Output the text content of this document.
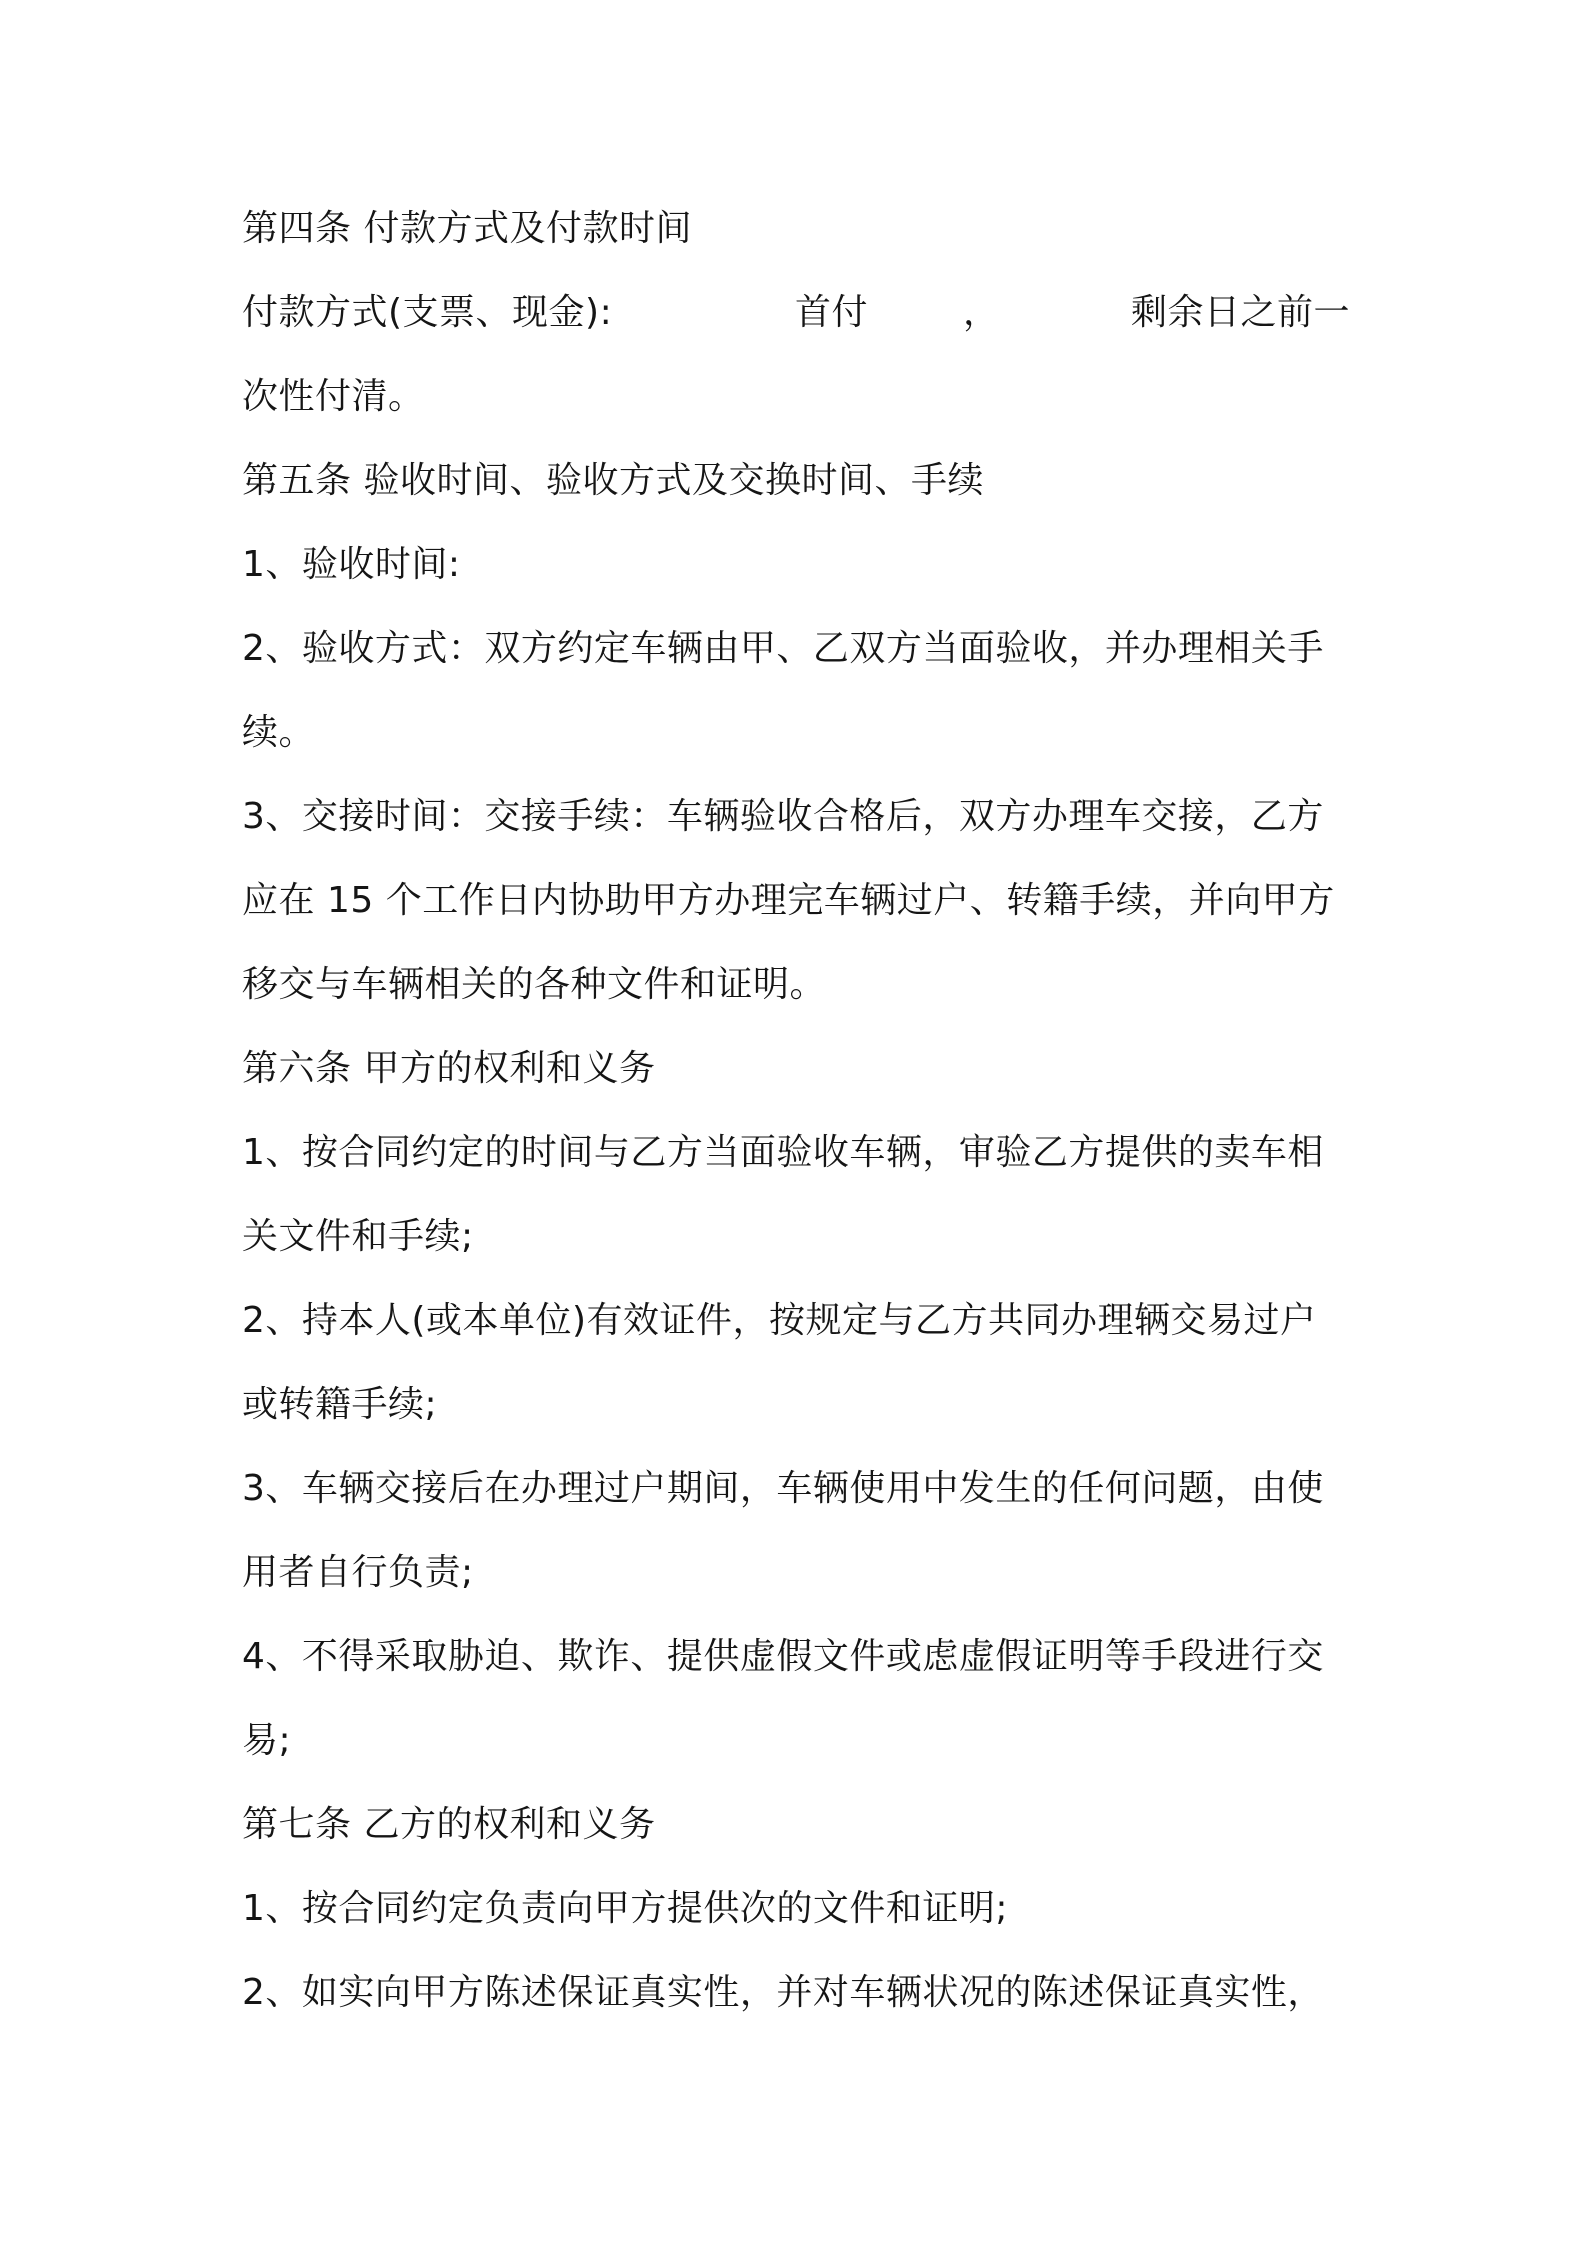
第四条 付款方式及付款时间
付款方式(支票、现金):	首付	，	剩余日之前一
次性付清。
第五条 验收时间、验收方式及交换时间、手续
1、验收时间:
2、验收方式：双方约定车辆由甲、乙双方当面验收，并办理相关手
续。
3、交接时间：交接手续：车辆验收合格后，双方办理车交接，乙方
应在 15 个工作日内协助甲方办理完车辆过户、转籍手续，并向甲方
移交与车辆相关的各种文件和证明。
第六条 甲方的权利和义务
1、按合同约定的时间与乙方当面验收车辆，审验乙方提供的卖车相
关文件和手续;
2、持本人(或本单位)有效证件，按规定与乙方共同办理辆交易过户
或转籍手续;
3、车辆交接后在办理过户期间，车辆使用中发生的任何问题，由使
用者自行负责;
4、不得采取胁迫、欺诈、提供虚假文件或虑虚假证明等手段进行交
易;
第七条 乙方的权利和义务
1、按合同约定负责向甲方提供次的文件和证明;
2、如实向甲方陈述保证真实性，并对车辆状况的陈述保证真实性，
